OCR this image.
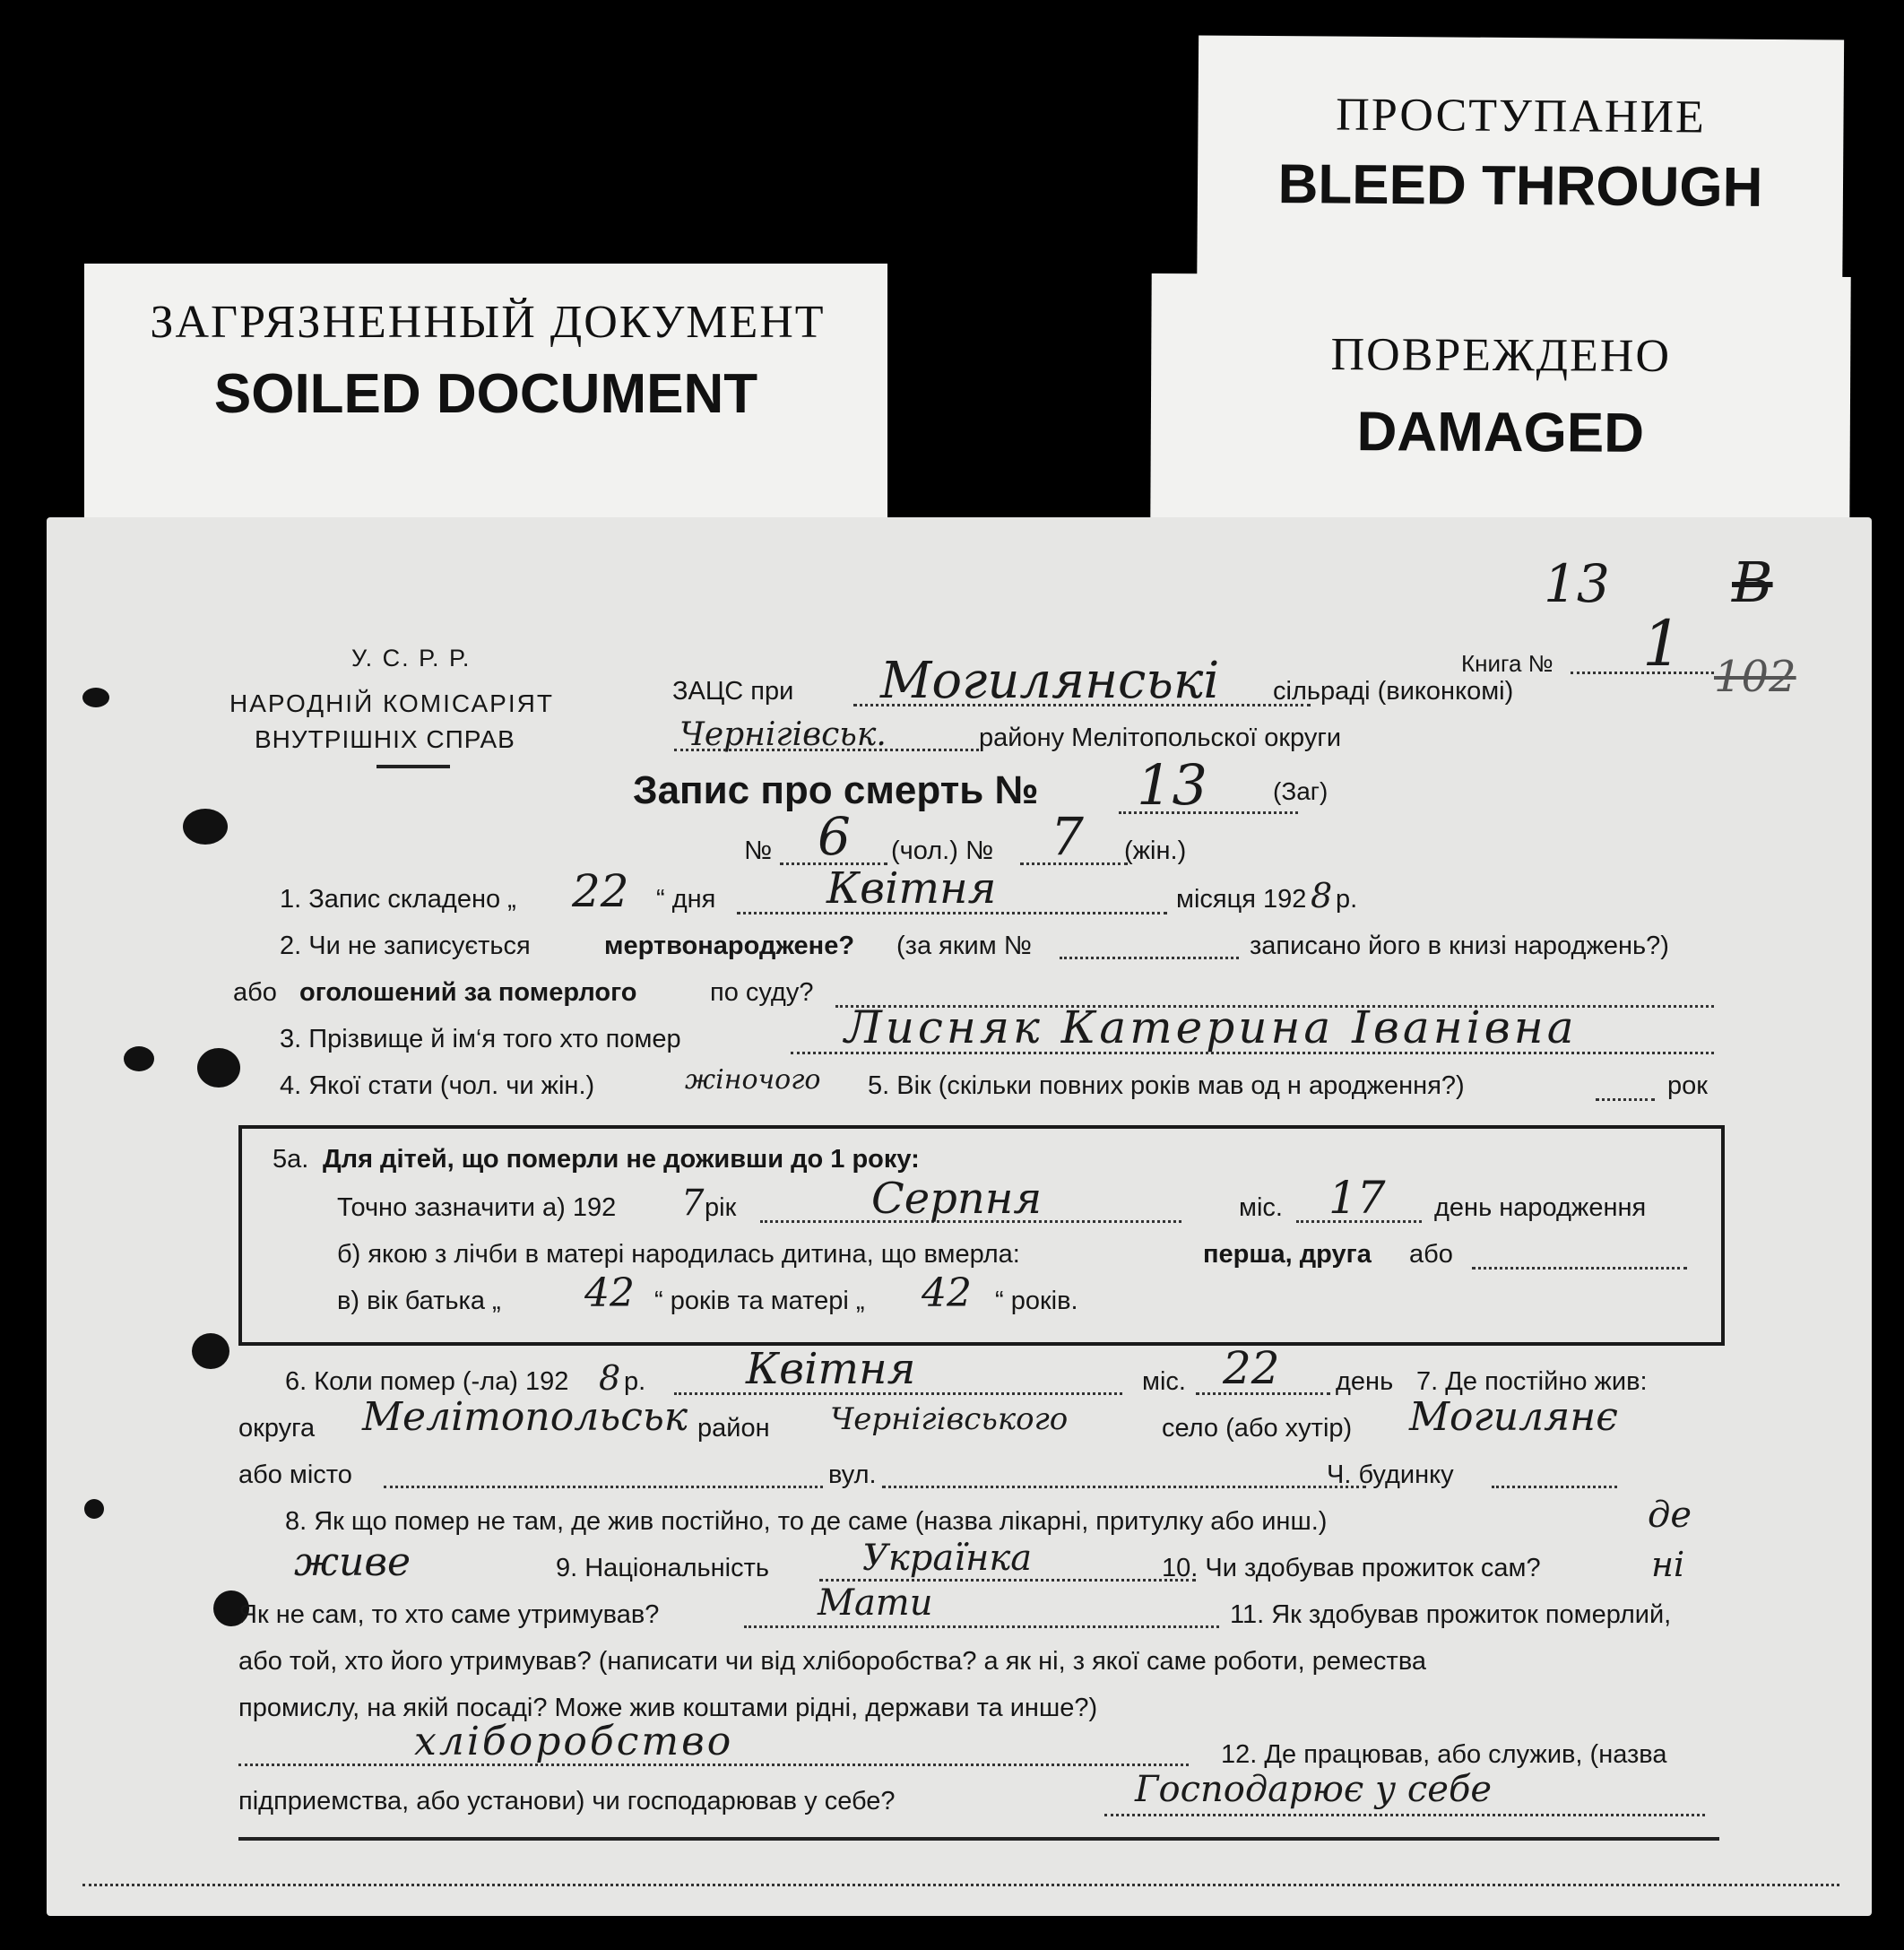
ЗАГРЯЗНЕННЫЙ ДОКУМЕНТ
SOILED DOCUMENT
ПРОСТУПАНИЕ
BLEED THROUGH
ПОВРЕЖДЕНО
DAMAGED
13 В
102
У. С. Р. Р.
НАРОДНІЙ КОМІСАРІЯТ
ВНУТРІШНІХ СПРАВ
Книга № 1
ЗАЦС при Могилянські сільраді (виконкомі)
Чернігівськ.	району Мелітопольскої округи
Запис про смерть № 13	(Заг)
№ 6 (чол.) № 7 (жін.)
1. Запис складено „ 22 “ дня	Квітня	місяця 192 8 р.
2. Чи не записується	мертвонароджене? (за яким №	записано його в книзі народжень?)
або оголошений за померлого	по суду?
3. Прізвище й ім‘я того хто помер	Лисняк Катерина Іванівна
4. Якої стати (чол. чи жін.)	жіночого 5. Вік (скільки повних років мав од н ародження?)	рок
5а. Для дітей, що померли не доживши до 1 року:
Точно зазначити а) 192 7 рік	Серпня	міс. 17 день народження
б) якою з лічби в матері народилась дитина, що вмерла:	перша, друга або
в) вік батька „ 42 “ років та матері „ 42 “ років.
6. Коли помер (-ла) 192 8 р. Квітня	міс. 22 день 7. Де постійно жив:
округа Мелітопольськ район Чернігівського	село (або хутір) Могилянє
або місто	вул.	Ч. будинку
8. Як що помер не там, де жив постійно, то де саме (назва лікарні, притулку або инш.)	де
живе	9. Національність	Українка	10. Чи здобував прожиток сам?	ні
Як не сам, то хто саме утримував?	Мати	11. Як здобував прожиток померлий,
або той, хто його утримував? (написати чи від хліборобства? а як ні, з якої саме роботи, ремества
промислу, на якій посаді? Може жив коштами рідні, держави та инше?)
хліборобство	12. Де працював, або служив, (назва
підприемства, або установи) чи господарював у себе?	Господарює у себе
